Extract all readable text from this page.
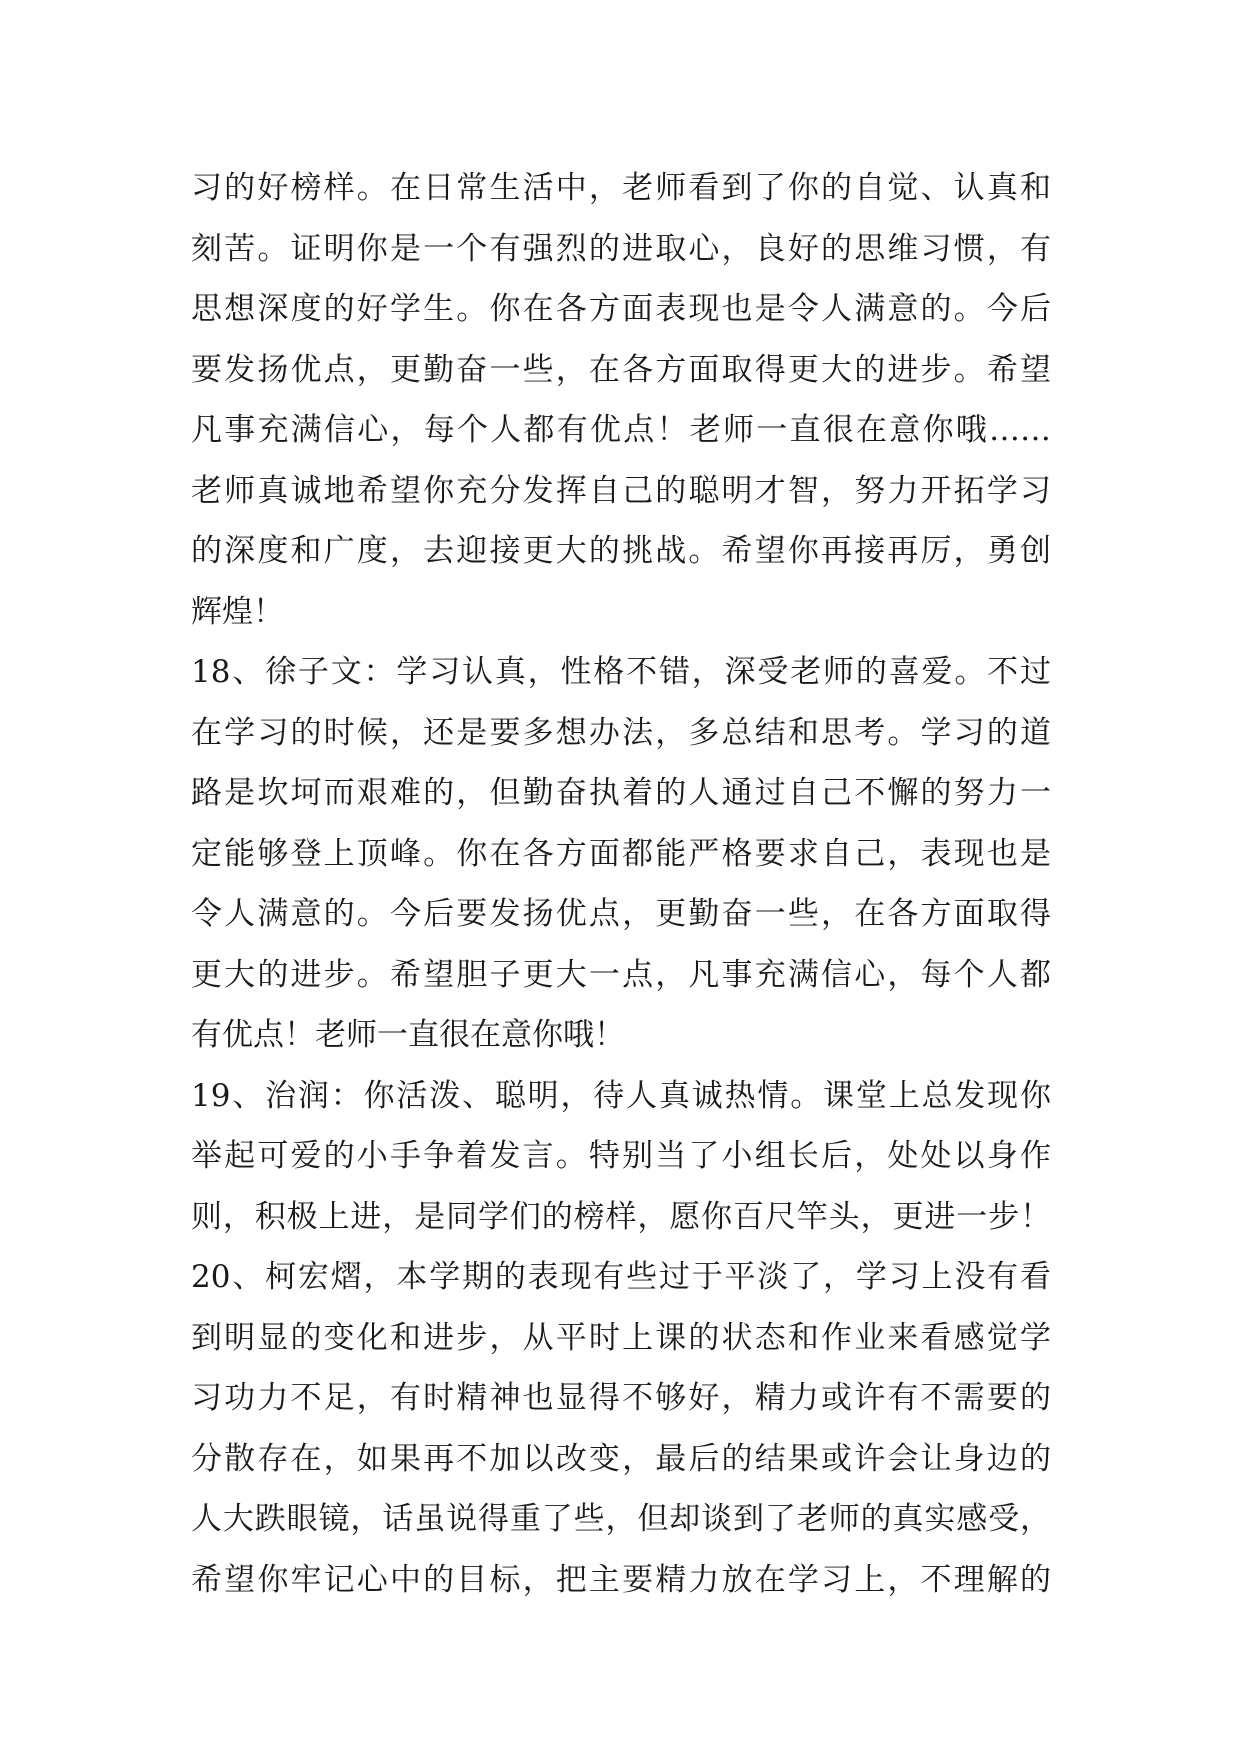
习的好榜样。在日常生活中，老师看到了你的自觉、认真和
刻苦。证明你是一个有强烈的进取心，良好的思维习惯，有
思想深度的好学生。你在各方面表现也是令人满意的。今后
要发扬优点，更勤奋一些，在各方面取得更大的进步。希望
凡事充满信心，每个人都有优点！老师一直很在意你哦……
老师真诚地希望你充分发挥自己的聪明才智，努力开拓学习
的深度和广度，去迎接更大的挑战。希望你再接再厉，勇创
辉煌！
18、徐子文：学习认真，性格不错，深受老师的喜爱。不过
在学习的时候，还是要多想办法，多总结和思考。学习的道
路是坎坷而艰难的，但勤奋执着的人通过自己不懈的努力一
定能够登上顶峰。你在各方面都能严格要求自己，表现也是
令人满意的。今后要发扬优点，更勤奋一些，在各方面取得
更大的进步。希望胆子更大一点，凡事充满信心，每个人都
有优点！老师一直很在意你哦！
19、治润：你活泼、聪明，待人真诚热情。课堂上总发现你
举起可爱的小手争着发言。特别当了小组长后，处处以身作
则，积极上进，是同学们的榜样，愿你百尺竿头，更进一步！
20、柯宏熠，本学期的表现有些过于平淡了，学习上没有看
到明显的变化和进步，从平时上课的状态和作业来看感觉学
习功力不足，有时精神也显得不够好，精力或许有不需要的
分散存在，如果再不加以改变，最后的结果或许会让身边的
人大跌眼镜，话虽说得重了些，但却谈到了老师的真实感受，
希望你牢记心中的目标，把主要精力放在学习上，不理解的
